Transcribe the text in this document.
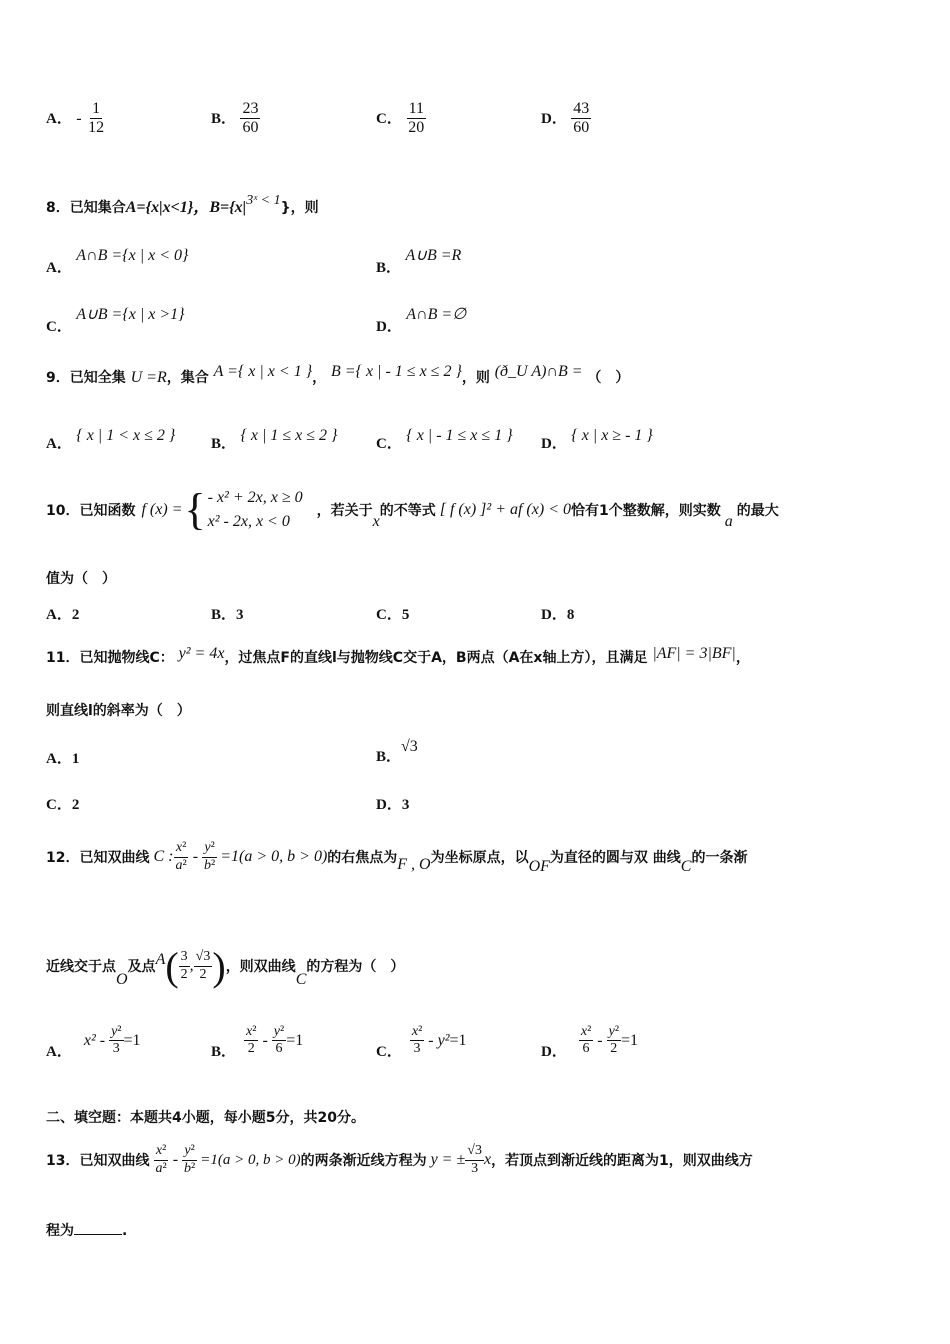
A． - $\frac{1}{12}$	B． $\frac{23}{60}$	C． $\frac{11}{20}$	D． $\frac{43}{60}$
8．已知集合A={x|x<1}，B={x|3ˣ < 1}，则
A． A∩B ={x | x < 0}
B． A∪B =R
C． A∪B ={x | x >1}
D． A∩B =∅
9．已知全集 U =R，集合 A ={ x | x < 1 }， B ={ x | - 1 ≤ x ≤ 2 }，则 (ð_U A)∩B = （　）
A． { x | 1 < x ≤ 2 } B． { x | 1 ≤ x ≤ 2 }	C． { x | - 1 ≤ x ≤ 1 } D． { x | x ≥ - 1 }
10．已知函数 f (x) = { - x² + 2x, x ≥ 0
x² - 2x, x < 0
，若关于
x
的不等式 [ f (x) ]² + af (x) < 0 恰有1个整数解，则实数
a
的最大
值为（　）
A．2	B．3	C．5	D．8
11．已知抛物线C： y² = 4x，过焦点F的直线l与抛物线C交于A，B两点（A在x轴上方），且满足 |AF| = 3|BF|，
则直线l的斜率为（　）
A．1	B．√3
C．2	D．3
12．已知双曲线 C : $\frac{\text{x²}}{\text{a²}} - \frac{\text{y²}}{\text{b²}} =1(a > 0$, b > 0) 的右焦点为 F , O 为坐标原点，以 OF 为直径的圆与双 曲线 C 的一条渐
近线交于点
O
及点 A ( $\frac{3}{2}$ , $\frac{√3}{2}$ ) ，则双曲线
C
的方程为（　）
A．
$x^2 - \frac{\text{y²}}{3} =1$
B． $\frac{\text{x²}}{2} - \frac{\text{y²}}{6} =1$
C． $\frac{\text{x²}}{3} - y^2 =1$
D． $\frac{\text{x²}}{6} - \frac{\text{y²}}{2} =1$
二、填空题：本题共4小题，每小题5分，共20分。
13．已知双曲线 $\frac{\text{x²}}{\text{a²}} - \frac{\text{y²}}{\text{b²}} =1(a > 0$, b > 0) 的两条渐近线方程为 y = ± $\frac{√3}{3}$ x ，若顶点到渐近线的距离为1，则双曲线方
程为	.
